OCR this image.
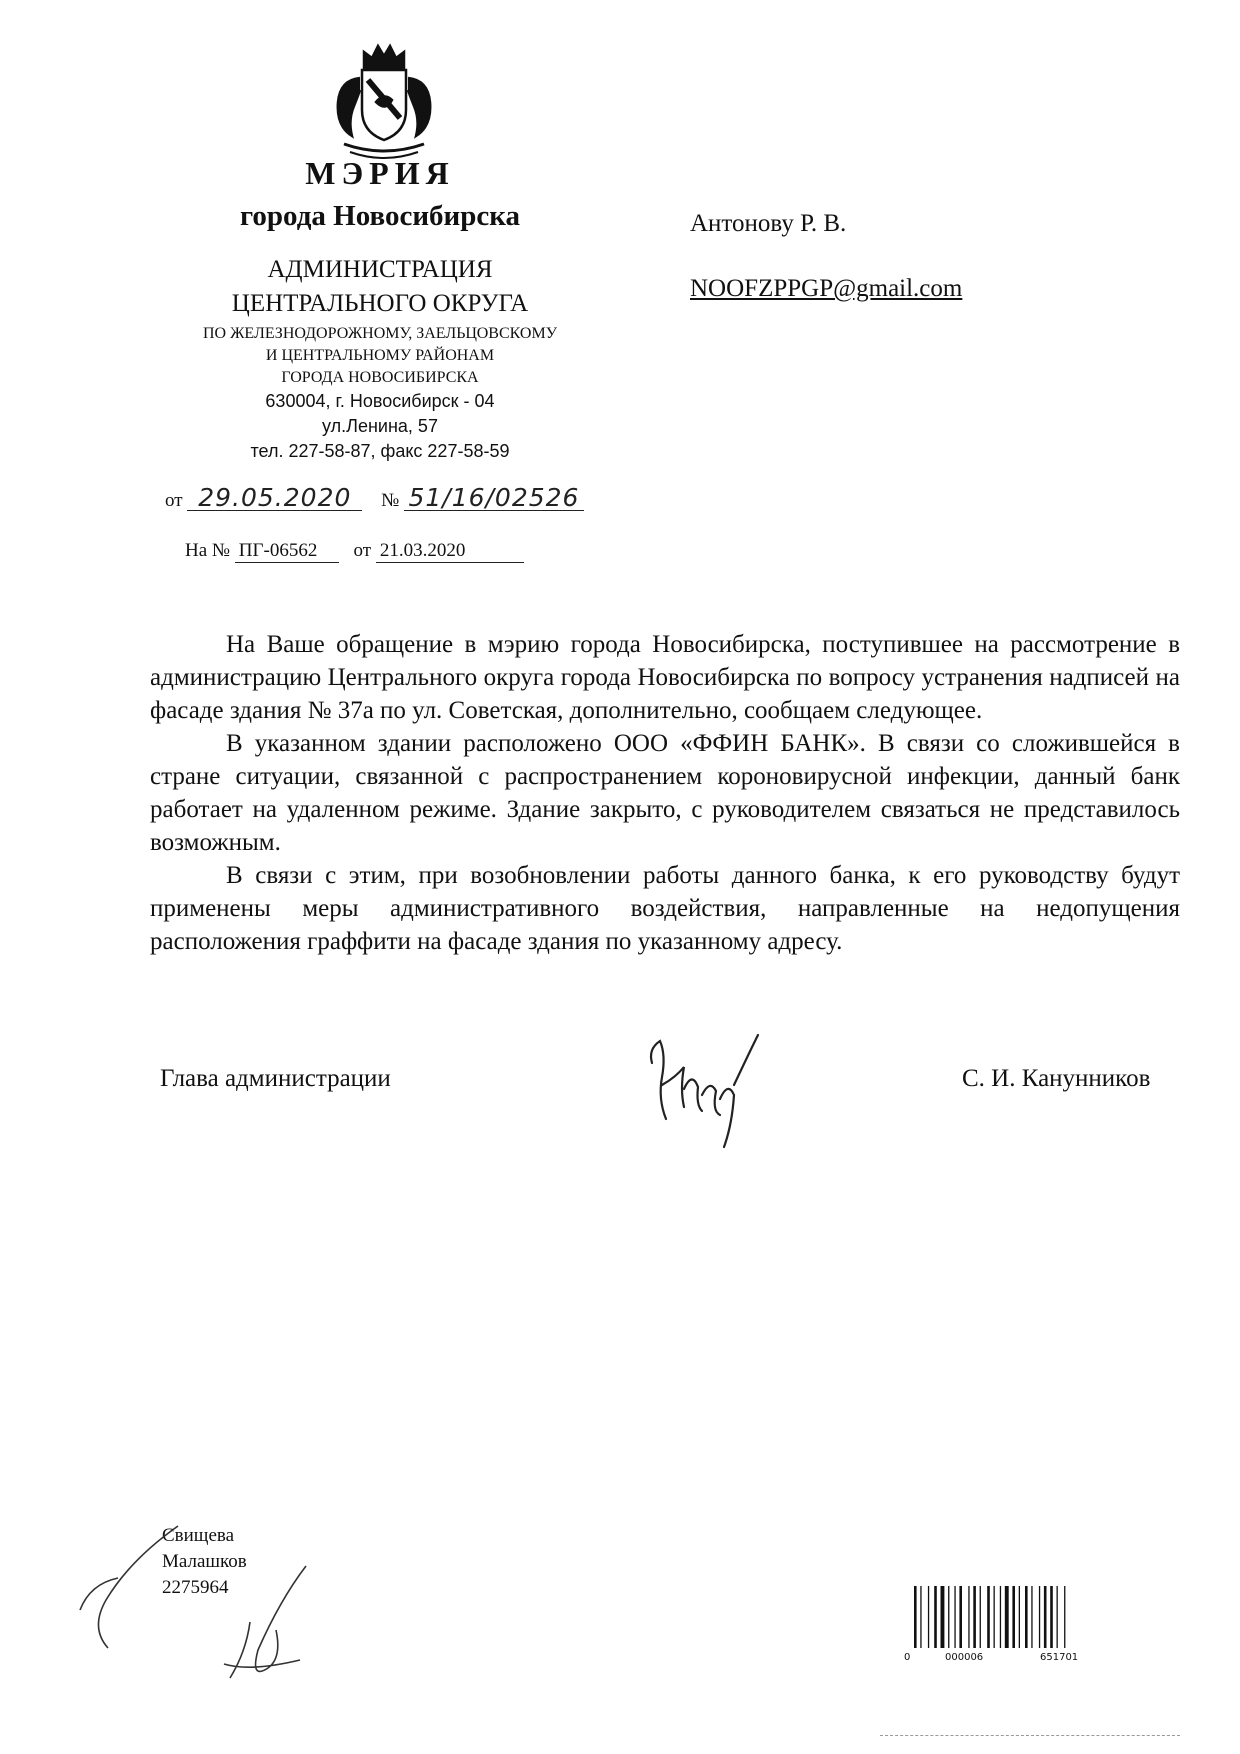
МЭРИЯ
города Новосибирска
АДМИНИСТРАЦИЯ
ЦЕНТРАЛЬНОГО ОКРУГА
ПО ЖЕЛЕЗНОДОРОЖНОМУ, ЗАЕЛЬЦОВСКОМУ
И ЦЕНТРАЛЬНОМУ РАЙОНАМ
ГОРОДА НОВОСИБИРСКА
630004, г. Новосибирск - 04
ул.Ленина, 57
тел. 227-58-87, факс 227-58-59
Антонову Р. В.
NOOFZPPGP@gmail.com
от 29.05.2020 № 51/16/02526
На № ПГ-06562 от 21.03.2020

На Ваше обращение в мэрию города Новосибирска, поступившее на рассмотрение в администрацию Центрального округа города Новосибирска по вопросу устранения надписей на фасаде здания № 37а по ул. Советская, дополнительно, сообщаем следующее.

В указанном здании расположено ООО «ФФИН БАНК». В связи со сложившейся в стране ситуации, связанной с распространением короновирусной инфекции, данный банк работает на удаленном режиме. Здание закрыто, с руководителем связаться не представилось возможным.

В связи с этим, при возобновлении работы данного банка, к его руководству будут применены меры административного воздействия, направленные на недопущения расположения граффити на фасаде здания по указанному адресу.

Глава администрации	С. И. Канунников
Свищева
Малашков
2275964
0	000006	651701
